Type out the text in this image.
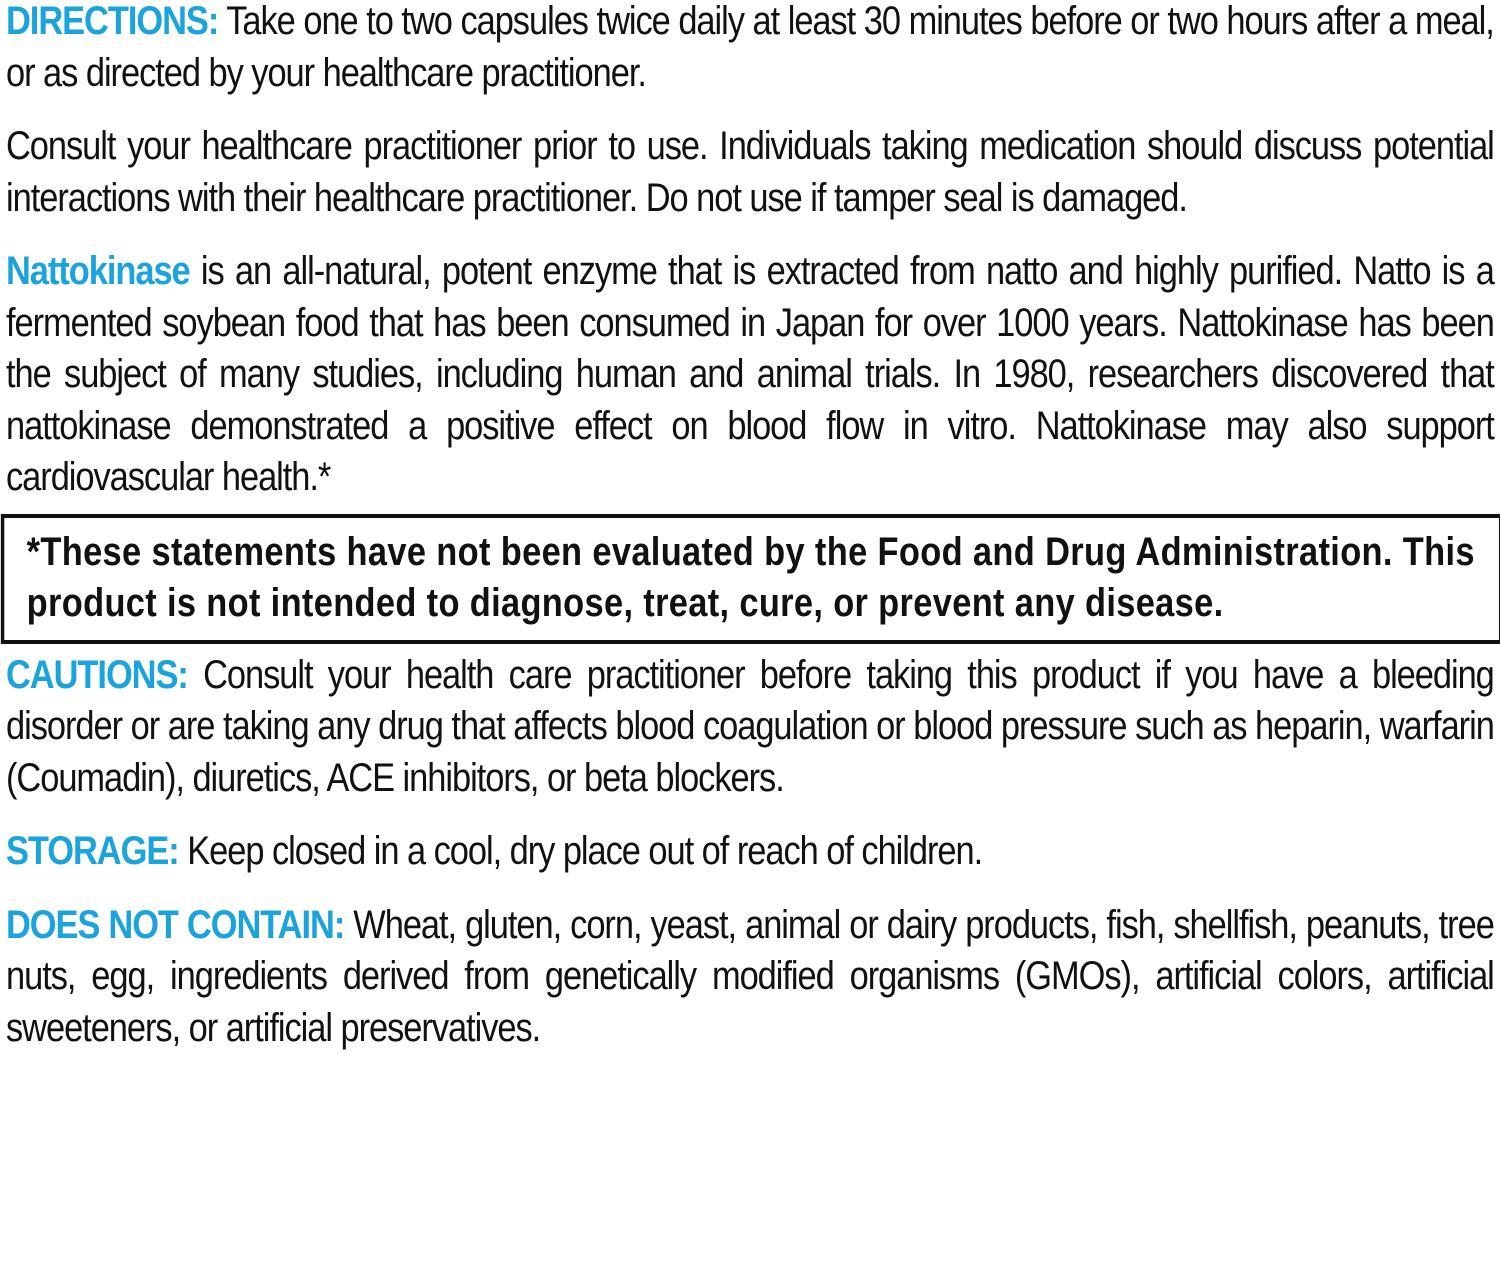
DIRECTIONS: Take one to two capsules twice daily at least 30 minutes before or two hours after a meal, or as directed by your healthcare practitioner.

Consult your healthcare practitioner prior to use. Individuals taking medication should discuss potential interactions with their healthcare practitioner. Do not use if tamper seal is damaged.

Nattokinase is an all-natural, potent enzyme that is extracted from natto and highly purified. Natto is a fermented soybean food that has been consumed in Japan for over 1000 years. Nattokinase has been the subject of many studies, including human and animal trials. In 1980, researchers discovered that nattokinase demonstrated a positive effect on blood flow in vitro. Nattokinase may also support cardiovascular health.*

*These statements have not been evaluated by the Food and Drug Administration. This product is not intended to diagnose, treat, cure, or prevent any disease.

CAUTIONS: Consult your health care practitioner before taking this product if you have a bleeding disorder or are taking any drug that affects blood coagulation or blood pressure such as heparin, warfarin (Coumadin), diuretics, ACE inhibitors, or beta blockers.

STORAGE: Keep closed in a cool, dry place out of reach of children.

DOES NOT CONTAIN: Wheat, gluten, corn, yeast, animal or dairy products, fish, shellfish, peanuts, tree nuts, egg, ingredients derived from genetically modified organisms (GMOs), artificial colors, artificial sweeteners, or artificial preservatives.
